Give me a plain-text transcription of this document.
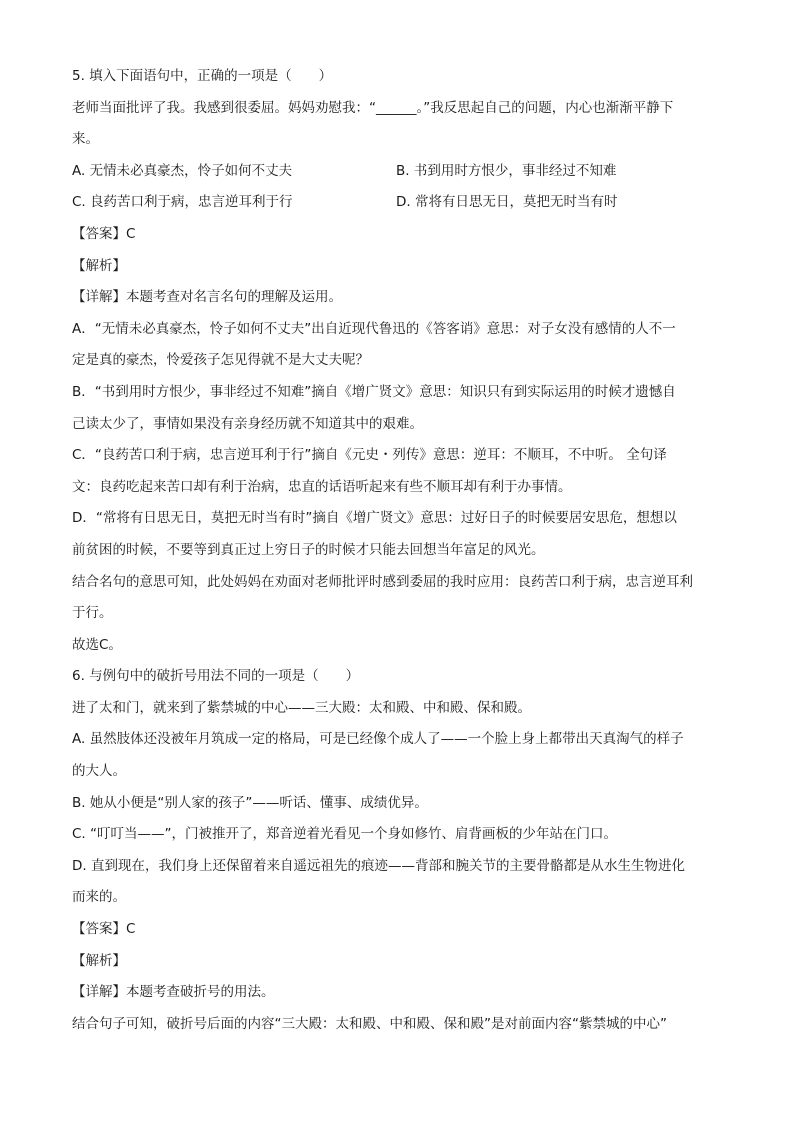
5. 填入下面语句中，正确的一项是（　　）
老师当面批评了我。我感到很委屈。妈妈劝慰我：“______。”我反思起自己的问题，内心也渐渐平静下
来。
A. 无情未必真豪杰，怜子如何不丈夫	B. 书到用时方恨少，事非经过不知难
C. 良药苦口利于病，忠言逆耳利于行	D. 常将有日思无日，莫把无时当有时
【答案】C
【解析】
【详解】本题考查对名言名句的理解及运用。
A．“无情未必真豪杰，怜子如何不丈夫”出自近现代鲁迅的《答客诮》意思：对子女没有感情的人不一
定是真的豪杰，怜爱孩子怎见得就不是大丈夫呢？
B．“书到用时方恨少，事非经过不知难”摘自《增广贤文》意思：知识只有到实际运用的时候才遗憾自
己读太少了，事情如果没有亲身经历就不知道其中的艰难。
C．“良药苦口利于病，忠言逆耳利于行”摘自《元史・列传》意思：逆耳：不顺耳，不中听。 全句译
文：良药吃起来苦口却有利于治病，忠直的话语听起来有些不顺耳却有利于办事情。
D．“常将有日思无日，莫把无时当有时”摘自《增广贤文》意思：过好日子的时候要居安思危，想想以
前贫困的时候，不要等到真正过上穷日子的时候才只能去回想当年富足的风光。
结合名句的意思可知，此处妈妈在劝面对老师批评时感到委屈的我时应用：良药苦口利于病，忠言逆耳利
于行。
故选C。
6. 与例句中的破折号用法不同的一项是（　　）
进了太和门，就来到了紫禁城的中心——三大殿：太和殿、中和殿、保和殿。
A. 虽然肢体还没被年月筑成一定的格局，可是已经像个成人了——一个脸上身上都带出天真淘气的样子
的大人。
B. 她从小便是“别人家的孩子”——听话、懂事、成绩优异。
C. “叮叮当——”，门被推开了，郑音逆着光看见一个身如修竹、肩背画板的少年站在门口。
D. 直到现在，我们身上还保留着来自遥远祖先的痕迹——背部和腕关节的主要骨骼都是从水生生物进化
而来的。
【答案】C
【解析】
【详解】本题考查破折号的用法。
结合句子可知，破折号后面的内容“三大殿：太和殿、中和殿、保和殿”是对前面内容“紫禁城的中心”
